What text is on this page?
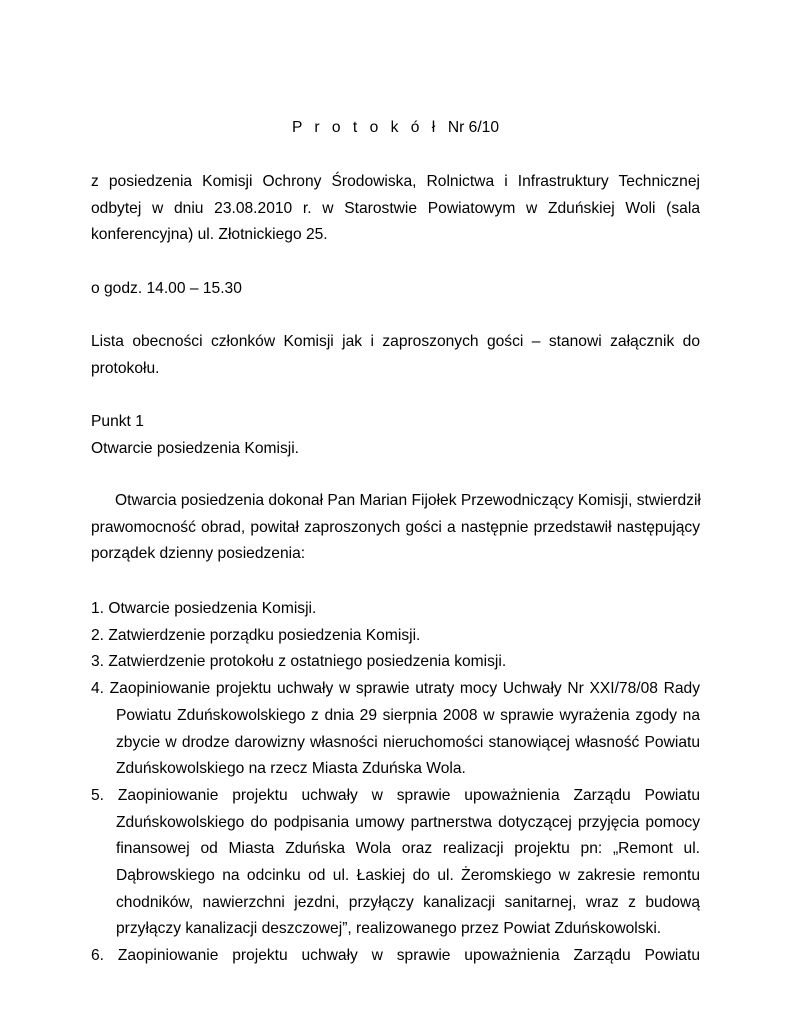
P r o t o k ó ł Nr 6/10
z posiedzenia Komisji Ochrony Środowiska, Rolnictwa i Infrastruktury Technicznej
odbytej w dniu 23.08.2010 r. w Starostwie Powiatowym w Zduńskiej Woli (sala
konferencyjna) ul. Złotnickiego 25.
o godz. 14.00 – 15.30
Lista obecności członków Komisji jak i zaproszonych gości – stanowi załącznik do
protokołu.
Punkt 1
Otwarcie posiedzenia Komisji.
Otwarcia posiedzenia dokonał Pan Marian Fijołek Przewodniczący Komisji, stwierdził
prawomocność obrad, powitał zaproszonych gości a następnie przedstawił następujący
porządek dzienny posiedzenia:
1. Otwarcie posiedzenia Komisji.
2. Zatwierdzenie porządku posiedzenia Komisji.
3. Zatwierdzenie protokołu z ostatniego posiedzenia komisji.
4. Zaopiniowanie projektu uchwały w sprawie utraty mocy Uchwały Nr XXI/78/08 Rady
Powiatu Zduńskowolskiego z dnia 29 sierpnia 2008 w sprawie wyrażenia zgody na
zbycie w drodze darowizny własności nieruchomości stanowiącej własność Powiatu
Zduńskowolskiego na rzecz Miasta Zduńska Wola.
5. Zaopiniowanie projektu uchwały w sprawie upoważnienia Zarządu Powiatu
Zduńskowolskiego do podpisania umowy partnerstwa dotyczącej przyjęcia pomocy
finansowej od Miasta Zduńska Wola oraz realizacji projektu pn: „Remont ul.
Dąbrowskiego na odcinku od ul. Łaskiej do ul. Żeromskiego w zakresie remontu
chodników, nawierzchni jezdni, przyłączy kanalizacji sanitarnej, wraz z budową
przyłączy kanalizacji deszczowej”, realizowanego przez Powiat Zduńskowolski.
6. Zaopiniowanie projektu uchwały w sprawie upoważnienia Zarządu Powiatu
